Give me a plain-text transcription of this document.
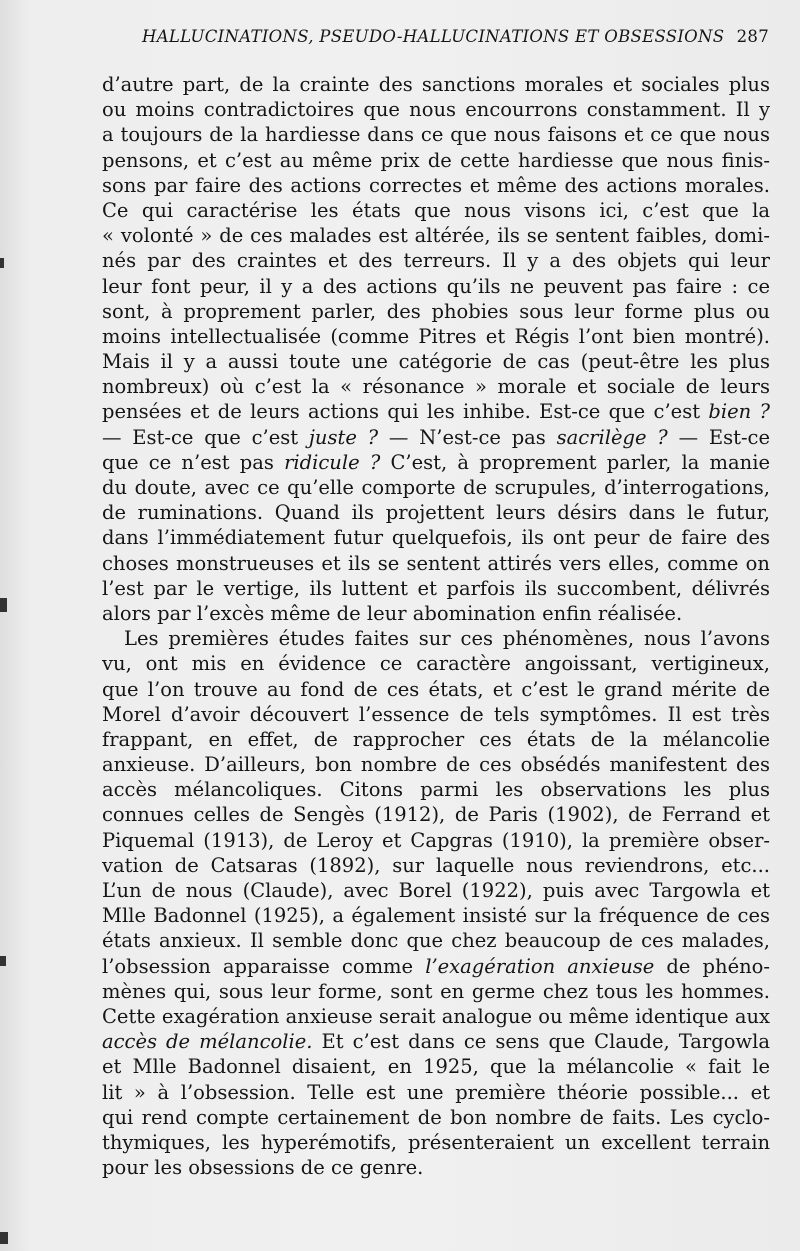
HALLUCINATIONS, PSEUDO-HALLUCINATIONS ET OBSESSIONS 287
d’autre part, de la crainte des sanctions morales et sociales plus
ou moins contradictoires que nous encourrons constamment. Il y
a toujours de la hardiesse dans ce que nous faisons et ce que nous
pensons, et c’est au même prix de cette hardiesse que nous finis-
sons par faire des actions correctes et même des actions morales.
Ce qui caractérise les états que nous visons ici, c’est que la
« volonté » de ces malades est altérée, ils se sentent faibles, domi-
nés par des craintes et des terreurs. Il y a des objets qui leur
leur font peur, il y a des actions qu’ils ne peuvent pas faire : ce
sont, à proprement parler, des phobies sous leur forme plus ou
moins intellectualisée (comme Pitres et Régis l’ont bien montré).
Mais il y a aussi toute une catégorie de cas (peut-être les plus
nombreux) où c’est la « résonance » morale et sociale de leurs
pensées et de leurs actions qui les inhibe. Est-ce que c’est bien ?
— Est-ce que c’est juste ? — N’est-ce pas sacrilège ? — Est-ce
que ce n’est pas ridicule ? C’est, à proprement parler, la manie
du doute, avec ce qu’elle comporte de scrupules, d’interrogations,
de ruminations. Quand ils projettent leurs désirs dans le futur,
dans l’immédiatement futur quelquefois, ils ont peur de faire des
choses monstrueuses et ils se sentent attirés vers elles, comme on
l’est par le vertige, ils luttent et parfois ils succombent, délivrés
alors par l’excès même de leur abomination enfin réalisée.
Les premières études faites sur ces phénomènes, nous l’avons
vu, ont mis en évidence ce caractère angoissant, vertigineux,
que l’on trouve au fond de ces états, et c’est le grand mérite de
Morel d’avoir découvert l’essence de tels symptômes. Il est très
frappant, en effet, de rapprocher ces états de la mélancolie
anxieuse. D’ailleurs, bon nombre de ces obsédés manifestent des
accès mélancoliques. Citons parmi les observations les plus
connues celles de Sengès (1912), de Paris (1902), de Ferrand et
Piquemal (1913), de Leroy et Capgras (1910), la première obser-
vation de Catsaras (1892), sur laquelle nous reviendrons, etc...
L’un de nous (Claude), avec Borel (1922), puis avec Targowla et
Mlle Badonnel (1925), a également insisté sur la fréquence de ces
états anxieux. Il semble donc que chez beaucoup de ces malades,
l’obsession apparaisse comme l’exagération anxieuse de phéno-
mènes qui, sous leur forme, sont en germe chez tous les hommes.
Cette exagération anxieuse serait analogue ou même identique aux
accès de mélancolie. Et c’est dans ce sens que Claude, Targowla
et Mlle Badonnel disaient, en 1925, que la mélancolie « fait le
lit » à l’obsession. Telle est une première théorie possible... et
qui rend compte certainement de bon nombre de faits. Les cyclo-
thymiques, les hyperémotifs, présenteraient un excellent terrain
pour les obsessions de ce genre.
